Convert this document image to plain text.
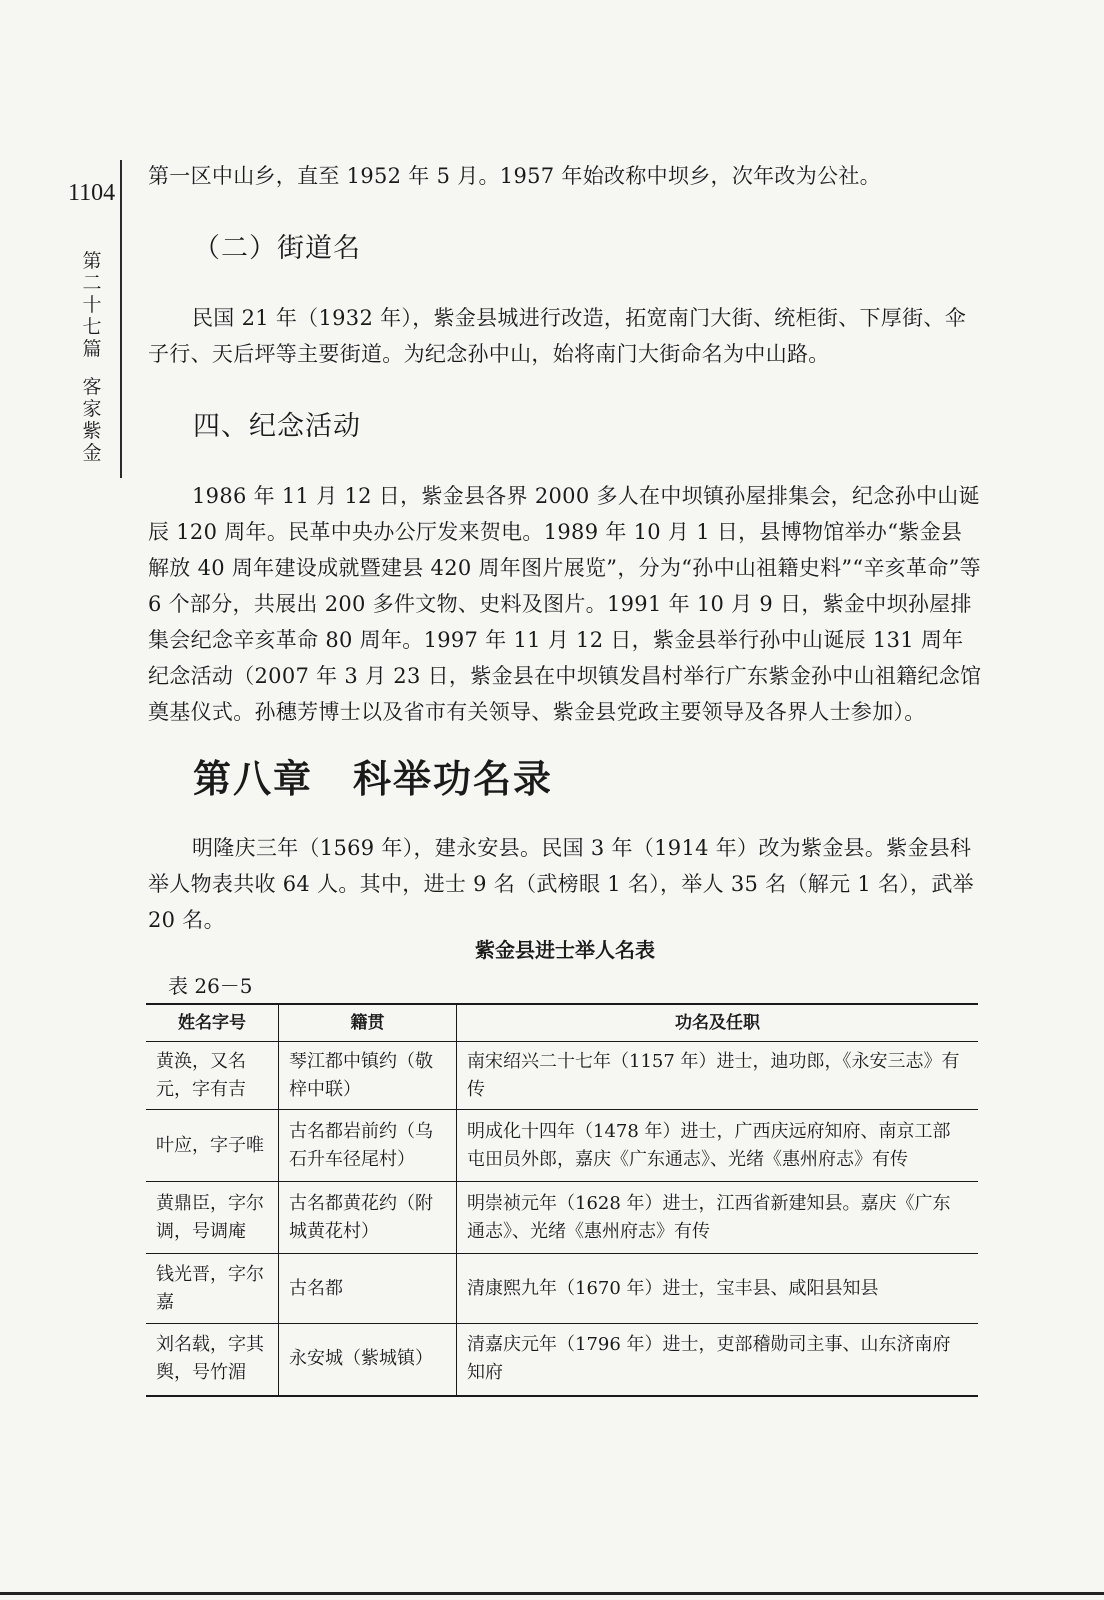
1104
第二十七篇
客家紫金

第一区中山乡，直至 1952 年 5 月。1957 年始改称中坝乡，次年改为公社。

（二）街道名

民国 21 年（1932 年），紫金县城进行改造，拓宽南门大街、统柜街、下厚街、伞子行、天后坪等主要街道。为纪念孙中山，始将南门大街命名为中山路。

四、纪念活动

1986 年 11 月 12 日，紫金县各界 2000 多人在中坝镇孙屋排集会，纪念孙中山诞辰 120 周年。民革中央办公厅发来贺电。1989 年 10 月 1 日，县博物馆举办“紫金县解放 40 周年建设成就暨建县 420 周年图片展览”，分为“孙中山祖籍史料”“辛亥革命”等 6 个部分，共展出 200 多件文物、史料及图片。1991 年 10 月 9 日，紫金中坝孙屋排集会纪念辛亥革命 80 周年。1997 年 11 月 12 日，紫金县举行孙中山诞辰 131 周年纪念活动（2007 年 3 月 23 日，紫金县在中坝镇发昌村举行广东紫金孙中山祖籍纪念馆奠基仪式。孙穗芳博士以及省市有关领导、紫金县党政主要领导及各界人士参加）。

第八章 科举功名录

明隆庆三年（1569 年），建永安县。民国 3 年（1914 年）改为紫金县。紫金县科举人物表共收 64 人。其中，进士 9 名（武榜眼 1 名），举人 35 名（解元 1 名），武举 20 名。

紫金县进士举人名表
表 26－5
姓名字号	籍贯	功名及任职
黄涣，又名元，字有吉	琴江都中镇约（敬梓中联）	南宋绍兴二十七年（1157 年）进士，迪功郎，《永安三志》有传
叶应，字子唯	古名都岩前约（乌石升车径尾村）	明成化十四年（1478 年）进士，广西庆远府知府、南京工部屯田员外郎，嘉庆《广东通志》、光绪《惠州府志》有传
黄鼎臣，字尔调，号调庵	古名都黄花约（附城黄花村）	明崇祯元年（1628 年）进士，江西省新建知县。嘉庆《广东通志》、光绪《惠州府志》有传
钱光晋，字尔嘉	古名都	清康熙九年（1670 年）进士，宝丰县、咸阳县知县
刘名载，字其舆，号竹湄	永安城（紫城镇）	清嘉庆元年（1796 年）进士，吏部稽勋司主事、山东济南府知府
